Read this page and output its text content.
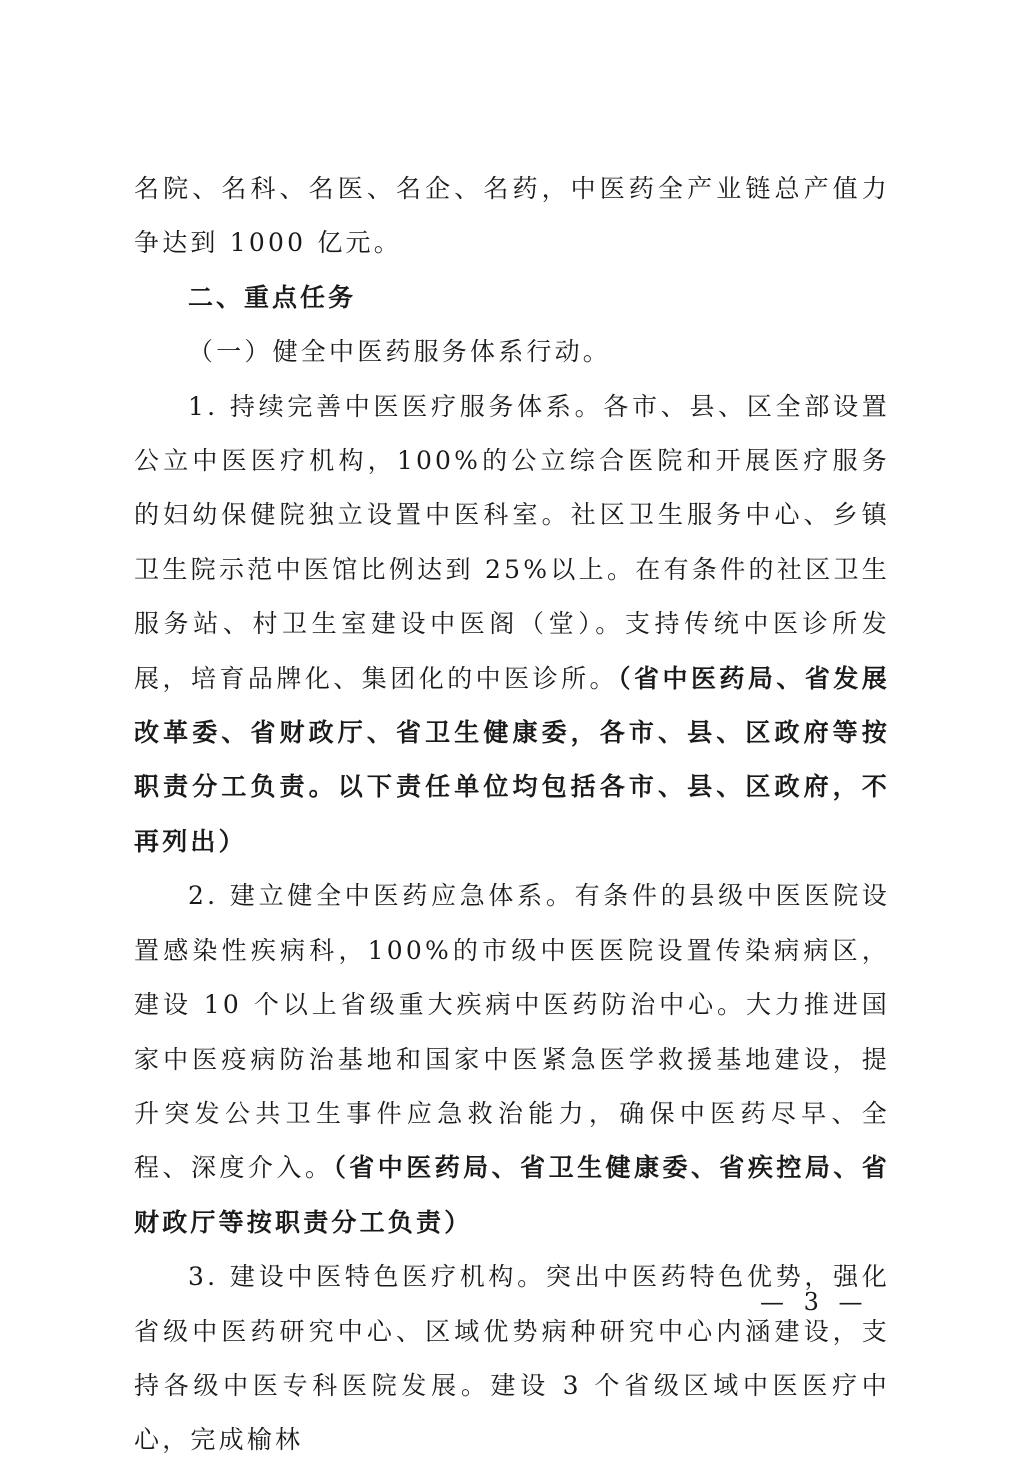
名院、名科、名医、名企、名药，中医药全产业链总产值力争达到 1000 亿元。

二、重点任务

（一）健全中医药服务体系行动。

1. 持续完善中医医疗服务体系。各市、县、区全部设置公立中医医疗机构，100%的公立综合医院和开展医疗服务的妇幼保健院独立设置中医科室。社区卫生服务中心、乡镇卫生院示范中医馆比例达到 25%以上。在有条件的社区卫生服务站、村卫生室建设中医阁（堂）。支持传统中医诊所发展，培育品牌化、集团化的中医诊所。（省中医药局、省发展改革委、省财政厅、省卫生健康委，各市、县、区政府等按职责分工负责。以下责任单位均包括各市、县、区政府，不再列出）

2. 建立健全中医药应急体系。有条件的县级中医医院设置感染性疾病科，100%的市级中医医院设置传染病病区，建设 10 个以上省级重大疾病中医药防治中心。大力推进国家中医疫病防治基地和国家中医紧急医学救援基地建设，提升突发公共卫生事件应急救治能力，确保中医药尽早、全程、深度介入。（省中医药局、省卫生健康委、省疾控局、省财政厅等按职责分工负责）

3. 建设中医特色医疗机构。突出中医药特色优势，强化省级中医药研究中心、区域优势病种研究中心内涵建设，支持各级中医专科医院发展。建设 3 个省级区域中医医疗中心，完成榆林

— 3 —
